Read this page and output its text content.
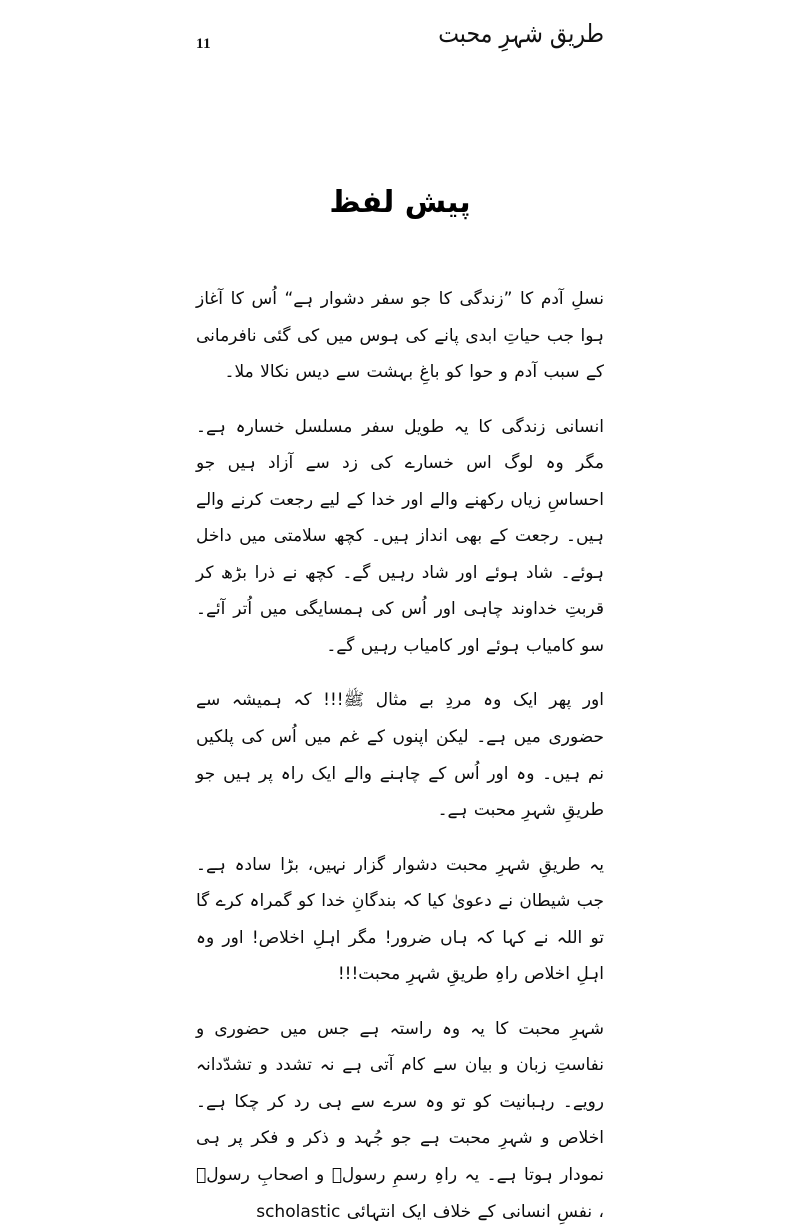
11	طریق شہرِ محبت
پیش لفظ

نسلِ آدم کا ”زندگی کا جو سفر دشوار ہے“ اُس کا آغاز ہوا جب حیاتِ ابدی پانے کی ہوس میں کی گئی نافرمانی کے سبب آدم و حوا کو باغِ بہشت سے دیس نکالا ملا۔

انسانی زندگی کا یہ طویل سفر مسلسل خسارہ ہے۔ مگر وہ لوگ اس خسارے کی زد سے آزاد ہیں جو احساسِ زیاں رکھنے والے اور خدا کے لیے رجعت کرنے والے ہیں۔ رجعت کے بھی انداز ہیں۔ کچھ سلامتی میں داخل ہوئے۔ شاد ہوئے اور شاد رہیں گے۔ کچھ نے ذرا بڑھ کر قربتِ خداوند چاہی اور اُس کی ہمسایگی میں اُتر آئے۔ سو کامیاب ہوئے اور کامیاب رہیں گے۔

اور پھر ایک وہ مردِ بے مثال ﷺ!!! کہ ہمیشہ سے حضوری میں ہے۔ لیکن اپنوں کے غم میں اُس کی پلکیں نم ہیں۔ وہ اور اُس کے چاہنے والے ایک راہ پر ہیں جو طریقِ شہرِ محبت ہے۔

یہ طریقِ شہرِ محبت دشوار گزار نہیں، بڑا سادہ ہے۔ جب شیطان نے دعویٰ کیا کہ بندگانِ خدا کو گمراہ کرے گا تو اللہ نے کہا کہ ہاں ضرور! مگر اہلِ اخلاص! اور وہ اہلِ اخلاص راہِ طریقِ شہرِ محبت!!!

شہرِ محبت کا یہ وہ راستہ ہے جس میں حضوری و نفاستِ زبان و بیان سے کام آتی ہے نہ تشدد و تشدّدانہ رویے۔ رہبانیت کو تو وہ سرے سے ہی رد کر چکا ہے۔ اخلاص و شہرِ محبت ہے جو جُہد و ذکر و فکر پر ہی نمودار ہوتا ہے۔ یہ راہِ رسمِ رسولؐ و اصحابِ رسولؐ ، نفسِ انسانی کے خلاف ایک انتہائی scholastic
